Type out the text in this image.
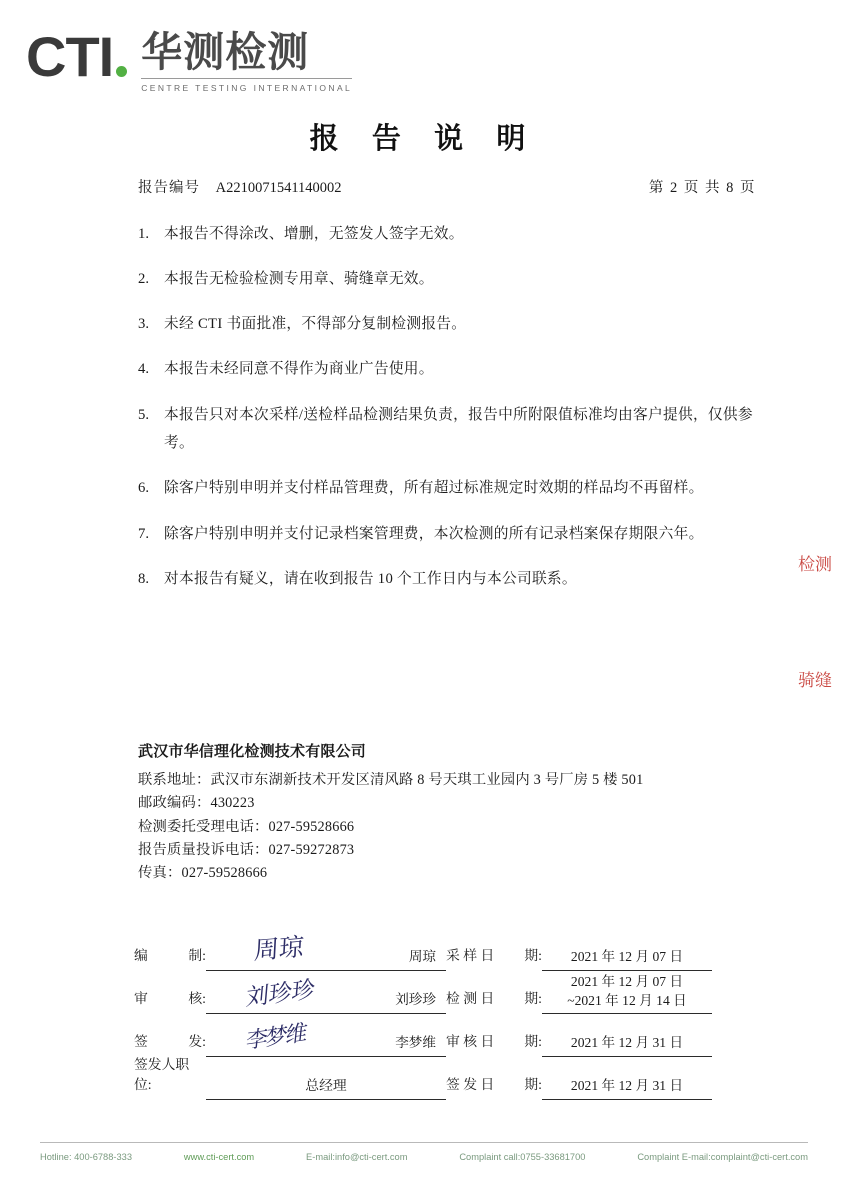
CTI 华测检测
CENTRE TESTING INTERNATIONAL
报 告 说 明
报告编号 A2210071541140002	第 2 页 共 8 页
1.	本报告不得涂改、增删，无签发人签字无效。
2.	本报告无检验检测专用章、骑缝章无效。
3.	未经 CTI 书面批准，不得部分复制检测报告。
4.	本报告未经同意不得作为商业广告使用。
5.	本报告只对本次采样/送检样品检测结果负责，报告中所附限值标准均由客户提供，仅供参考。
6.	除客户特别申明并支付样品管理费，所有超过标准规定时效期的样品均不再留样。
7.	除客户特别申明并支付记录档案管理费，本次检测的所有记录档案保存期限六年。
8.	对本报告有疑义，请在收到报告 10 个工作日内与本公司联系。
检测
骑缝
武汉市华信理化检测技术有限公司
联系地址：武汉市东湖新技术开发区清风路 8 号天琪工业园内 3 号厂房 5 楼 501
邮政编码：430223
检测委托受理电话：027-59528666
报告质量投诉电话：027-59272873
传真：027-59528666
编	制: 周琼	周琼 采 样 日 期:	2021 年 12 月 07 日
审	核: 刘珍珍	刘珍珍 检 测 日 期:
2021 年 12 月 07 日
~2021 年 12 月 14 日
签	发: 李梦维	李梦维 审 核 日 期:	2021 年 12 月 31 日
签发人职位:	总经理	签 发 日 期:	2021 年 12 月 31 日
Hotline: 400-6788-333	www.cti-cert.com	E-mail:info@cti-cert.com	Complaint call:0755-33681700	Complaint E-mail:complaint@cti-cert.com
